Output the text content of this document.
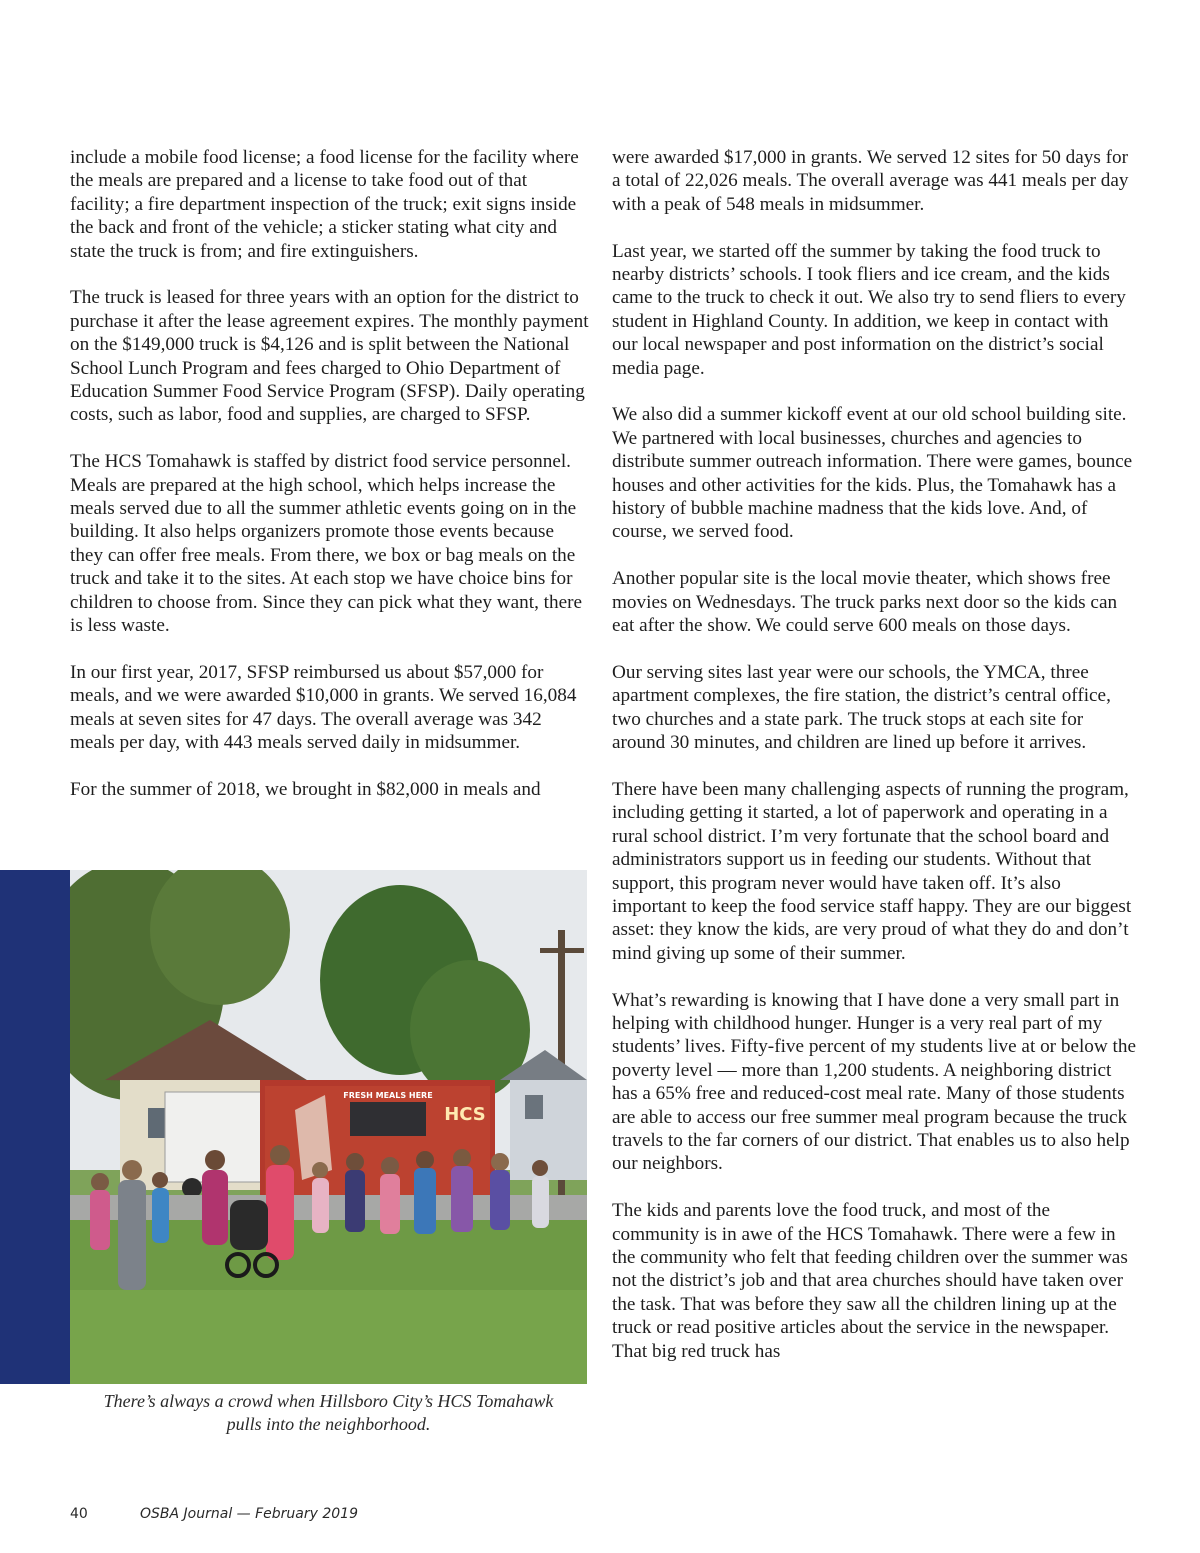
include a mobile food license; a food license for the facility where the meals are prepared and a license to take food out of that facility; a fire department inspection of the truck; exit signs inside the back and front of the vehicle; a sticker stating what city and state the truck is from; and fire extinguishers.

The truck is leased for three years with an option for the district to purchase it after the lease agreement expires. The monthly payment on the $149,000 truck is $4,126 and is split between the National School Lunch Program and fees charged to Ohio Department of Education Summer Food Service Program (SFSP). Daily operating costs, such as labor, food and supplies, are charged to SFSP.

The HCS Tomahawk is staffed by district food service personnel. Meals are prepared at the high school, which helps increase the meals served due to all the summer athletic events going on in the building. It also helps organizers promote those events because they can offer free meals. From there, we box or bag meals on the truck and take it to the sites. At each stop we have choice bins for children to choose from. Since they can pick what they want, there is less waste.

In our first year, 2017, SFSP reimbursed us about $57,000 for meals, and we were awarded $10,000 in grants. We served 16,084 meals at seven sites for 47 days. The overall average was 342 meals per day, with 443 meals served daily in midsummer.

For the summer of 2018, we brought in $82,000 in meals and

were awarded $17,000 in grants. We served 12 sites for 50 days for a total of 22,026 meals. The overall average was 441 meals per day with a peak of 548 meals in midsummer.

Last year, we started off the summer by taking the food truck to nearby districts’ schools. I took fliers and ice cream, and the kids came to the truck to check it out. We also try to send fliers to every student in Highland County. In addition, we keep in contact with our local newspaper and post information on the district’s social media page.

We also did a summer kickoff event at our old school building site. We partnered with local businesses, churches and agencies to distribute summer outreach information. There were games, bounce houses and other activities for the kids. Plus, the Tomahawk has a history of bubble machine madness that the kids love. And, of course, we served food.

Another popular site is the local movie theater, which shows free movies on Wednesdays. The truck parks next door so the kids can eat after the show. We could serve 600 meals on those days.

Our serving sites last year were our schools, the YMCA, three apartment complexes, the fire station, the district’s central office, two churches and a state park. The truck stops at each site for around 30 minutes, and children are lined up before it arrives.

There have been many challenging aspects of running the program, including getting it started, a lot of paperwork and operating in a rural school district. I’m very fortunate that the school board and administrators support us in feeding our students. Without that support, this program never would have taken off. It’s also important to keep the food service staff happy. They are our biggest asset: they know the kids, are very proud of what they do and don’t mind giving up some of their summer.

What’s rewarding is knowing that I have done a very small part in helping with childhood hunger. Hunger is a very real part of my students’ lives. Fifty-five percent of my students live at or below the poverty level — more than 1,200 students. A neighboring district has a 65% free and reduced-cost meal rate. Many of those students are able to access our free summer meal program because the truck travels to the far corners of our district. That enables us to also help our neighbors.

The kids and parents love the food truck, and most of the community is in awe of the HCS Tomahawk. There were a few in the community who felt that feeding children over the summer was not the district’s job and that area churches should have taken over the task. That was before they saw all the children lining up at the truck or read positive articles about the service in the newspaper. That big red truck has

FRESH MEALS HERE
HCS
There’s always a crowd when Hillsboro City’s HCS Tomahawk
pulls into the neighborhood.
40	OSBA Journal — February 2019
